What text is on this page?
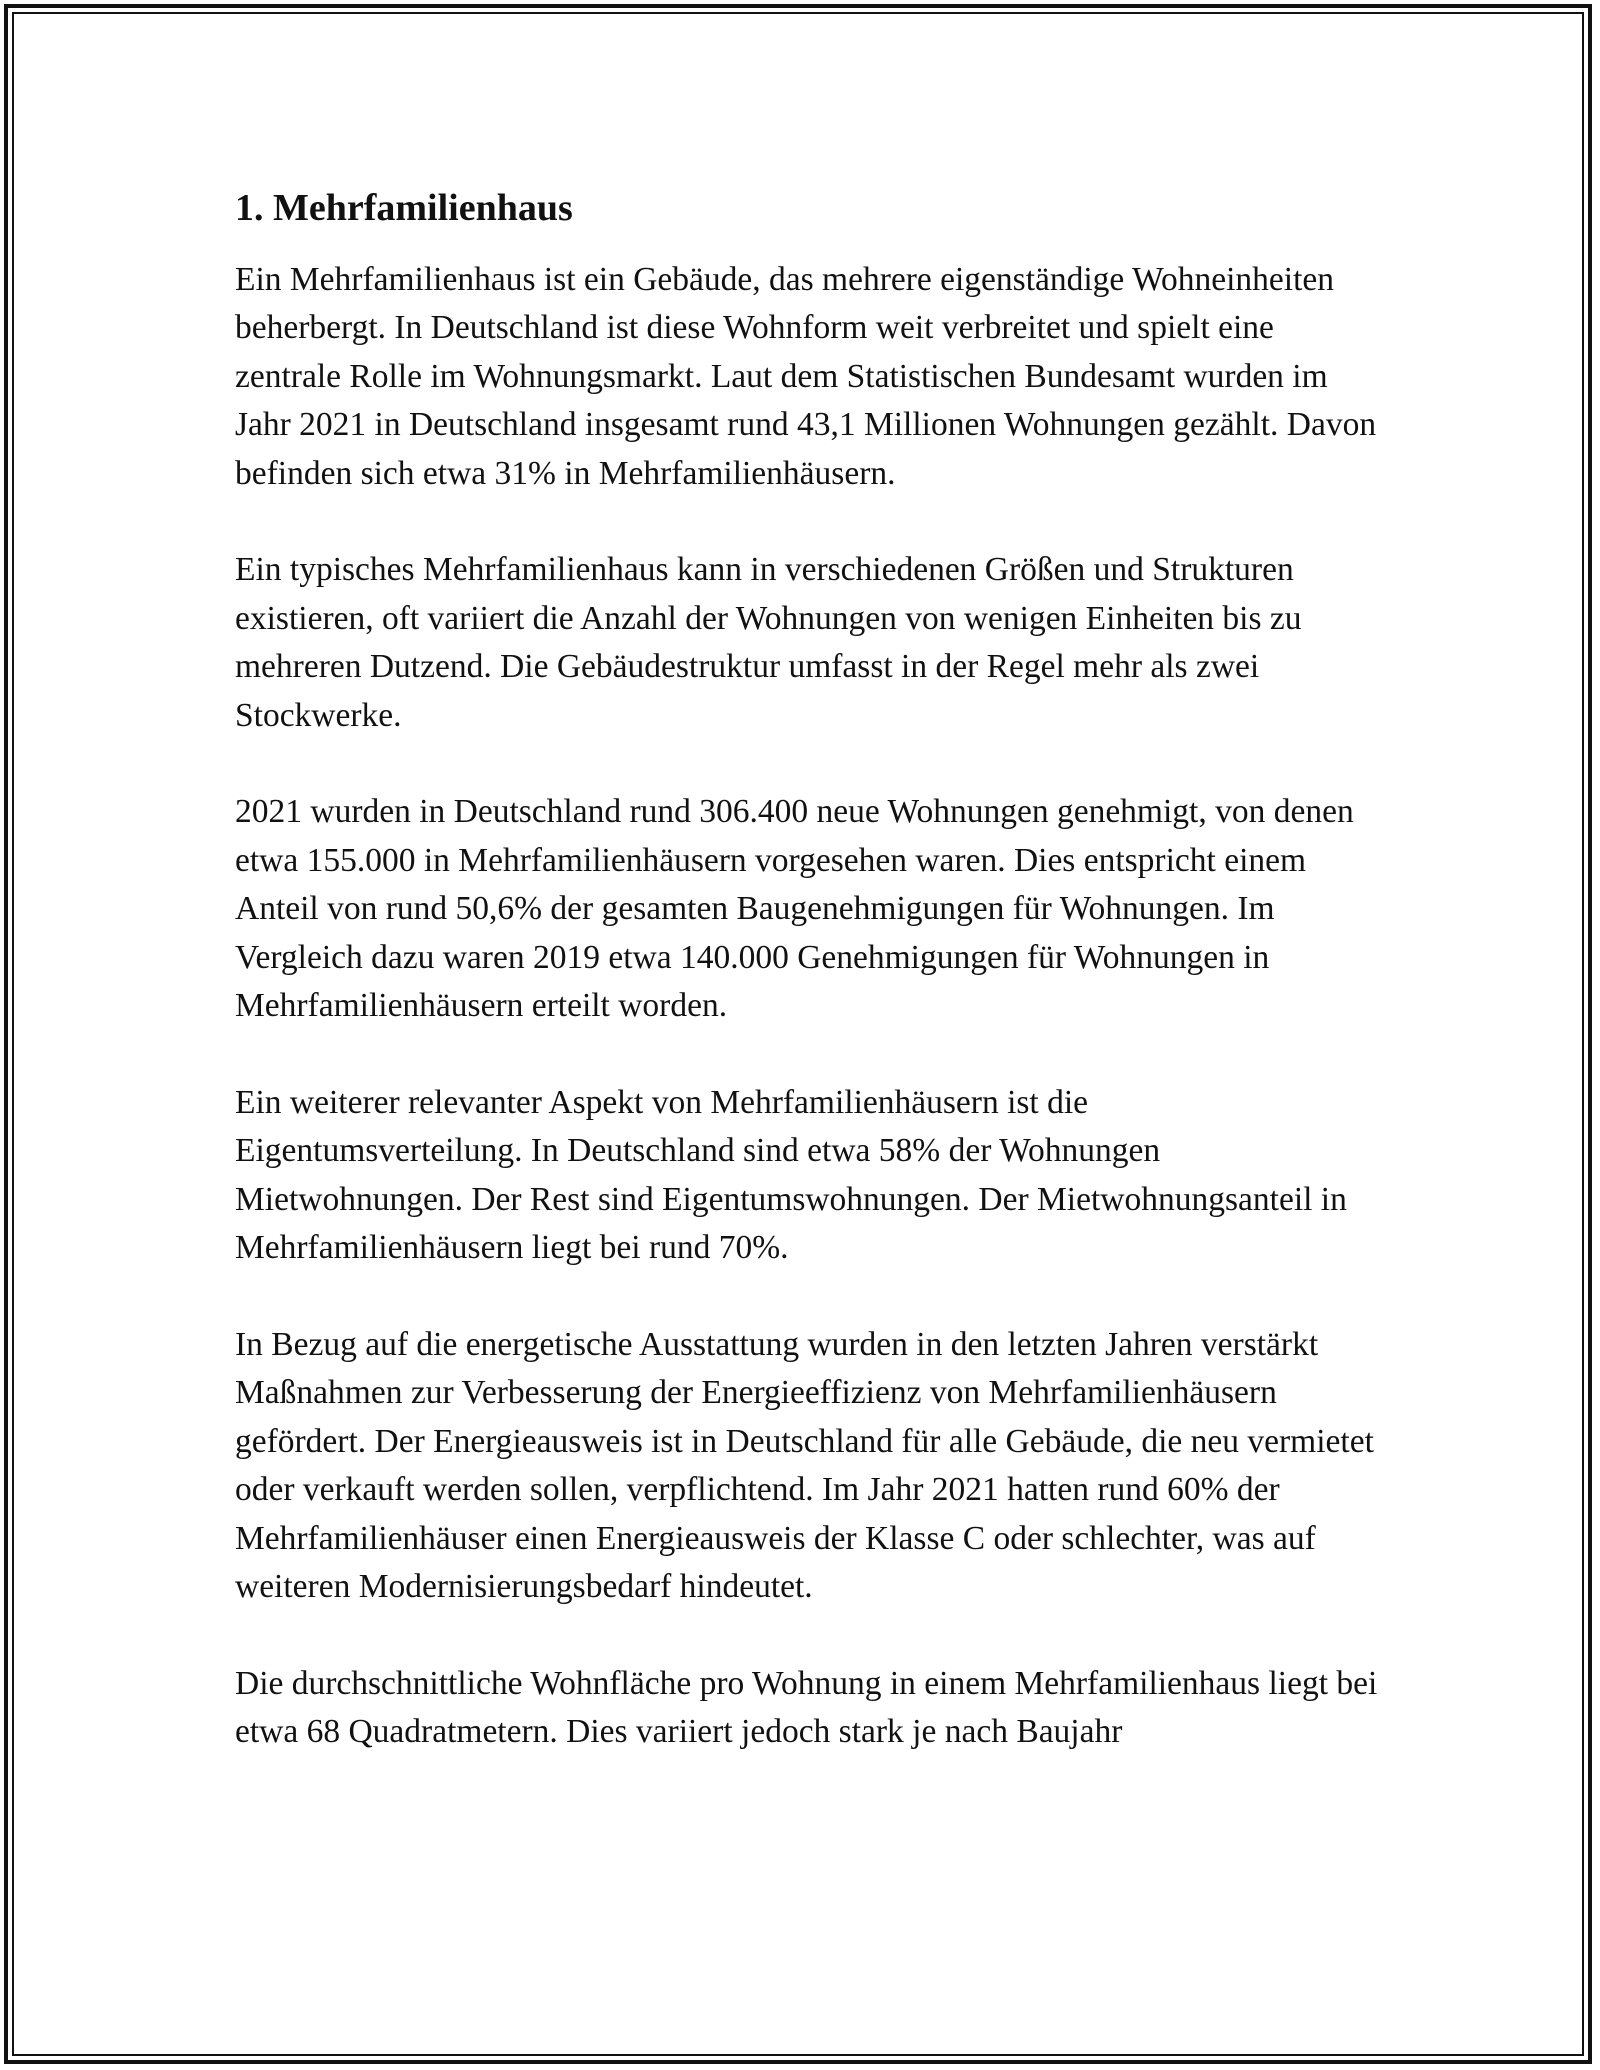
1. Mehrfamilienhaus

Ein Mehrfamilienhaus ist ein Gebäude, das mehrere eigenständige Wohneinheiten beherbergt. In Deutschland ist diese Wohnform weit verbreitet und spielt eine zentrale Rolle im Wohnungsmarkt. Laut dem Statistischen Bundesamt wurden im Jahr 2021 in Deutschland insgesamt rund 43,1 Millionen Wohnungen gezählt. Davon befinden sich etwa 31% in Mehrfamilienhäusern.

Ein typisches Mehrfamilienhaus kann in verschiedenen Größen und Strukturen existieren, oft variiert die Anzahl der Wohnungen von wenigen Einheiten bis zu mehreren Dutzend. Die Gebäudestruktur umfasst in der Regel mehr als zwei Stockwerke.

2021 wurden in Deutschland rund 306.400 neue Wohnungen genehmigt, von denen etwa 155.000 in Mehrfamilienhäusern vorgesehen waren. Dies entspricht einem Anteil von rund 50,6% der gesamten Baugenehmigungen für Wohnungen. Im Vergleich dazu waren 2019 etwa 140.000 Genehmigungen für Wohnungen in Mehrfamilienhäusern erteilt worden.

Ein weiterer relevanter Aspekt von Mehrfamilienhäusern ist die Eigentumsverteilung. In Deutschland sind etwa 58% der Wohnungen Mietwohnungen. Der Rest sind Eigentumswohnungen. Der Mietwohnungsanteil in Mehrfamilienhäusern liegt bei rund 70%.

In Bezug auf die energetische Ausstattung wurden in den letzten Jahren verstärkt Maßnahmen zur Verbesserung der Energieeffizienz von Mehrfamilienhäusern gefördert. Der Energieausweis ist in Deutschland für alle Gebäude, die neu vermietet oder verkauft werden sollen, verpflichtend. Im Jahr 2021 hatten rund 60% der Mehrfamilienhäuser einen Energieausweis der Klasse C oder schlechter, was auf weiteren Modernisierungsbedarf hindeutet.

Die durchschnittliche Wohnfläche pro Wohnung in einem Mehrfamilienhaus liegt bei etwa 68 Quadratmetern. Dies variiert jedoch stark je nach Baujahr
